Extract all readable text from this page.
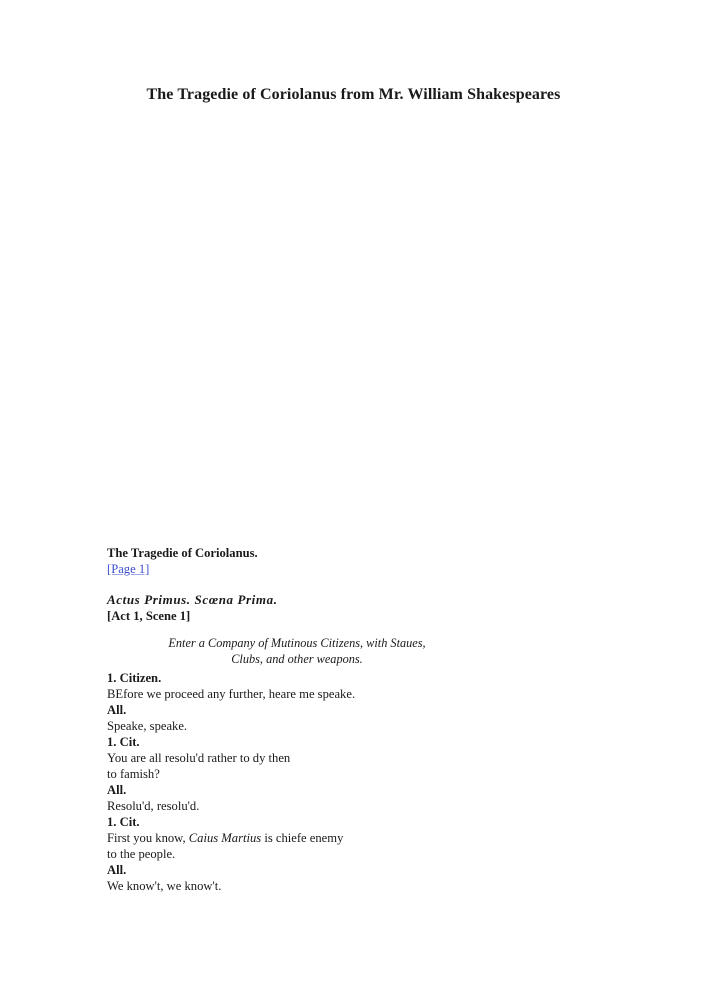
The Tragedie of Coriolanus from Mr. William Shakespeares
The Tragedie of Coriolanus.
[Page 1]
Actus Primus. Scœna Prima.
[Act 1, Scene 1]
Enter a Company of Mutinous Citizens, with Staues,
Clubs, and other weapons.
1. Citizen.
BEfore we proceed any further, heare me speake.
All.
Speake, speake.
1. Cit.
You are all resolu'd rather to dy then
to famish?
All.
Resolu'd, resolu'd.
1. Cit.
First you know, Caius Martius is chiefe enemy
to the people.
All.
We know't, we know't.
